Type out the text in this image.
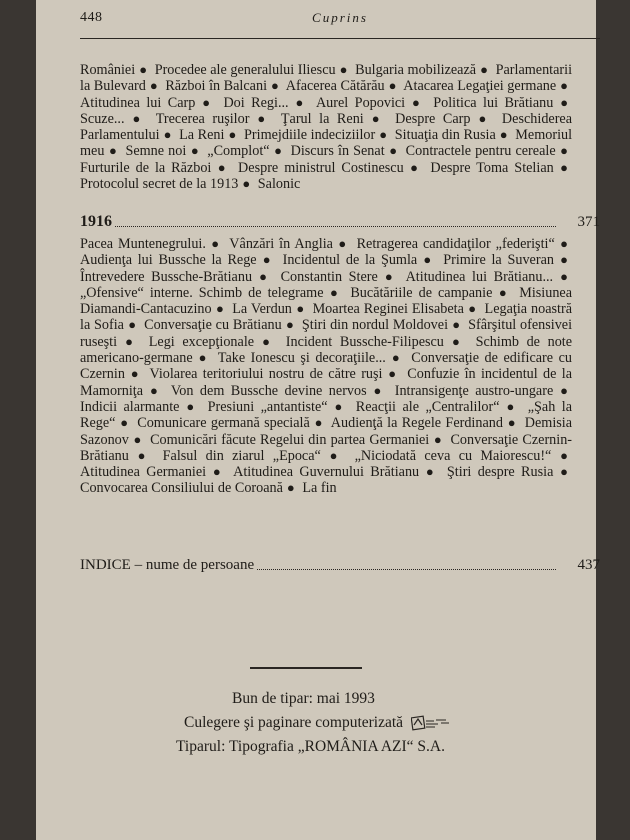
448	Cuprins
României ● Procedee ale generalului Iliescu ● Bulgaria mobilizează ● Parlamentarii la Bulevard ● Război în Balcani ● Afacerea Cătărău ● Atacarea Legaţiei germane ● Atitudinea lui Carp ● Doi Regi... ● Aurel Popovici ● Politica lui Brătianu ● Scuze... ● Trecerea ruşilor ● Ţarul la Reni ● Despre Carp ● Deschiderea Parlamentului ● La Reni ● Primejdiile indeciziilor ● Situaţia din Rusia ● Memoriul meu ● Semne noi ● „Complot“ ● Discurs în Senat ● Contractele pentru cereale ● Furturile de la Război ● Despre ministrul Costinescu ● Despre Toma Stelian ● Protocolul secret de la 1913 ● Salonic
1916	371
Pacea Muntenegrului. ● Vânzări în Anglia ● Retragerea candidaţilor „federişti“ ● Audienţa lui Bussche la Rege ● Incidentul de la Şumla ● Primire la Suveran ● Întrevedere Bussche-Brătianu ● Constantin Stere ● Atitudinea lui Brătianu... ● „Ofensive“ interne. Schimb de telegrame ● Bucătăriile de campanie ● Misiunea Diamandi-Cantacuzino ● La Verdun ● Moartea Reginei Elisabeta ● Legaţia noastră la Sofia ● Conversaţie cu Brătianu ● Ştiri din nordul Moldovei ● Sfârşitul ofensivei ruseşti ● Legi excepţionale ● Incident Bussche-Filipescu ● Schimb de note americano-germane ● Take Ionescu şi decoraţiile... ● Conversaţie de edificare cu Czernin ● Violarea teritoriului nostru de către ruşi ● Confuzie în incidentul de la Mamorniţa ● Von dem Bussche devine nervos ● Intransigenţe austro-ungare ● Indicii alarmante ● Presiuni „antantiste“ ● Reacţii ale „Centralilor“ ● „Şah la Rege“ ● Comunicare germană specială ● Audienţă la Regele Ferdinand ● Demisia Sazonov ● Comunicări făcute Regelui din partea Germaniei ● Conversaţie Czernin-Brătianu ● Falsul din ziarul „Epoca“ ● „Niciodată ceva cu Maiorescu!“ ● Atitudinea Germaniei ● Atitudinea Guvernului Brătianu ● Ştiri despre Rusia ● Convocarea Consiliului de Coroană ● La fin
INDICE – nume de persoane	437
Bun de tipar: mai 1993
Culegere şi paginare computerizată
Tiparul: Tipografia „ROMÂNIA AZI“ S.A.
